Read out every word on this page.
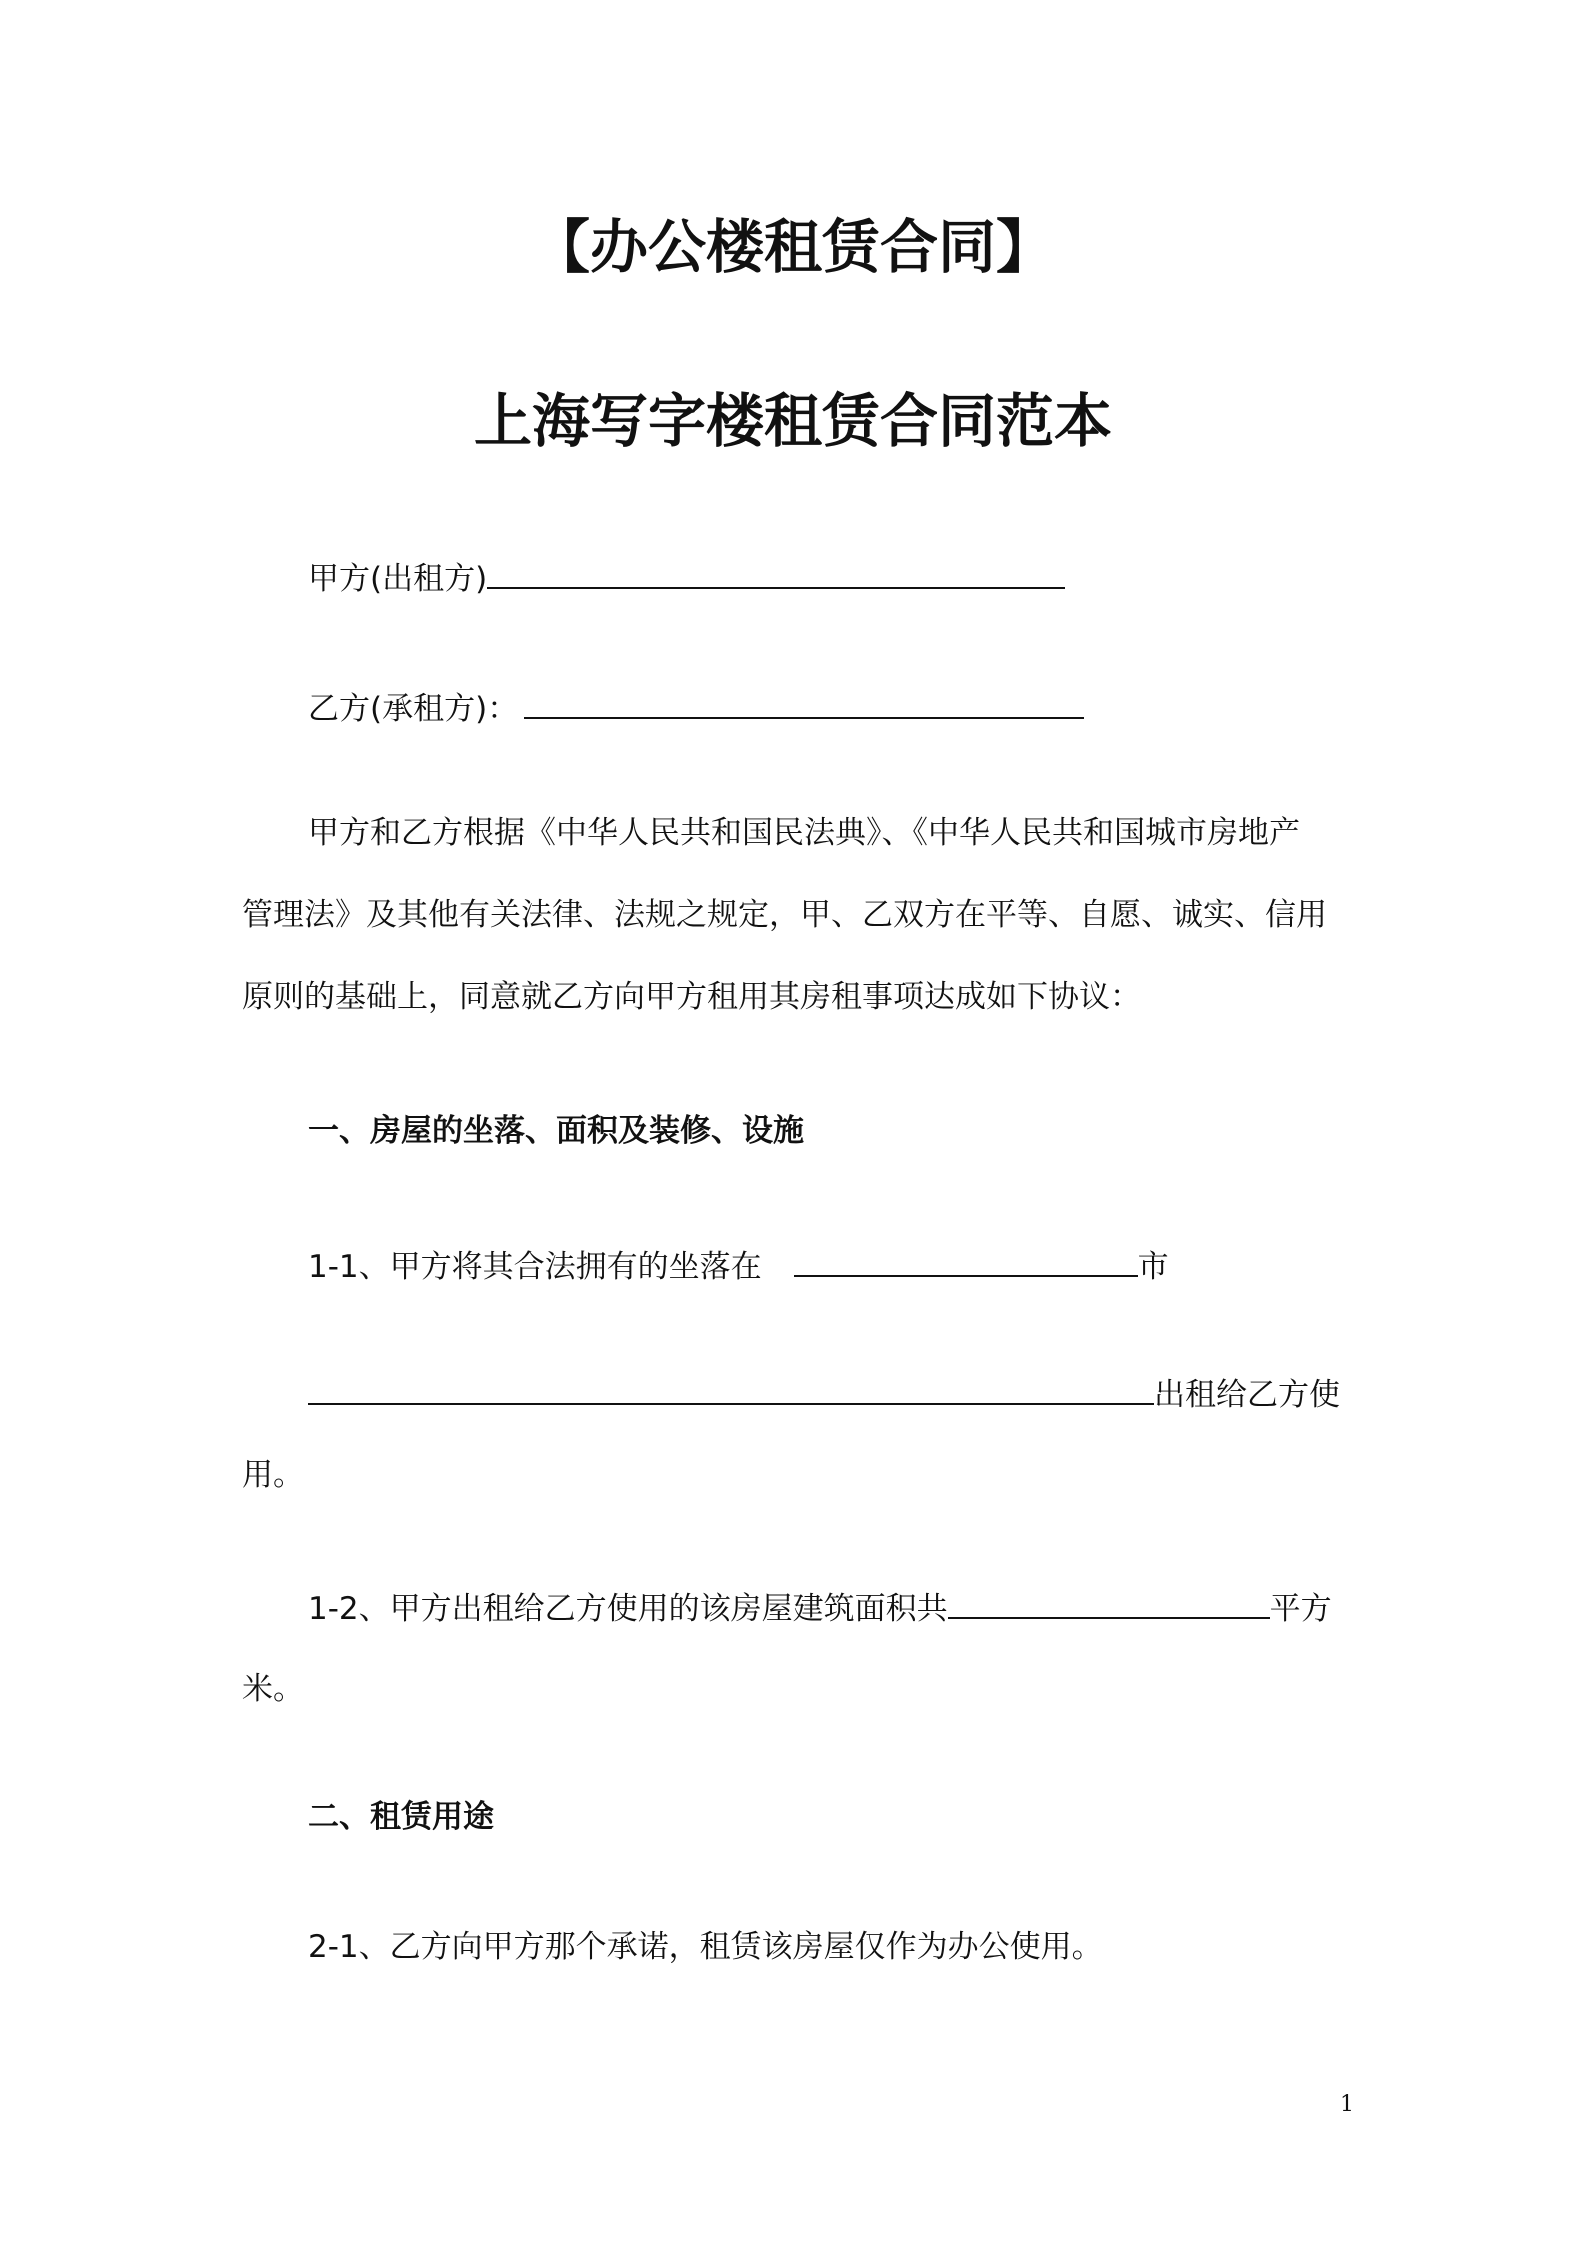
【办公楼租赁合同】
上海写字楼租赁合同范本
甲方(出租方)
乙方(承租方)：
甲方和乙方根据《中华人民共和国民法典》、《中华人民共和国城市房地产
管理法》及其他有关法律、法规之规定，甲、乙双方在平等、自愿、诚实、信用
原则的基础上，同意就乙方向甲方租用其房租事项达成如下协议：
一、房屋的坐落、面积及装修、设施
1-1、甲方将其合法拥有的坐落在	市
出租给乙方使
用。
1-2、甲方出租给乙方使用的该房屋建筑面积共	平方
米。
二、租赁用途
2-1、乙方向甲方那个承诺，租赁该房屋仅作为办公使用。
1
